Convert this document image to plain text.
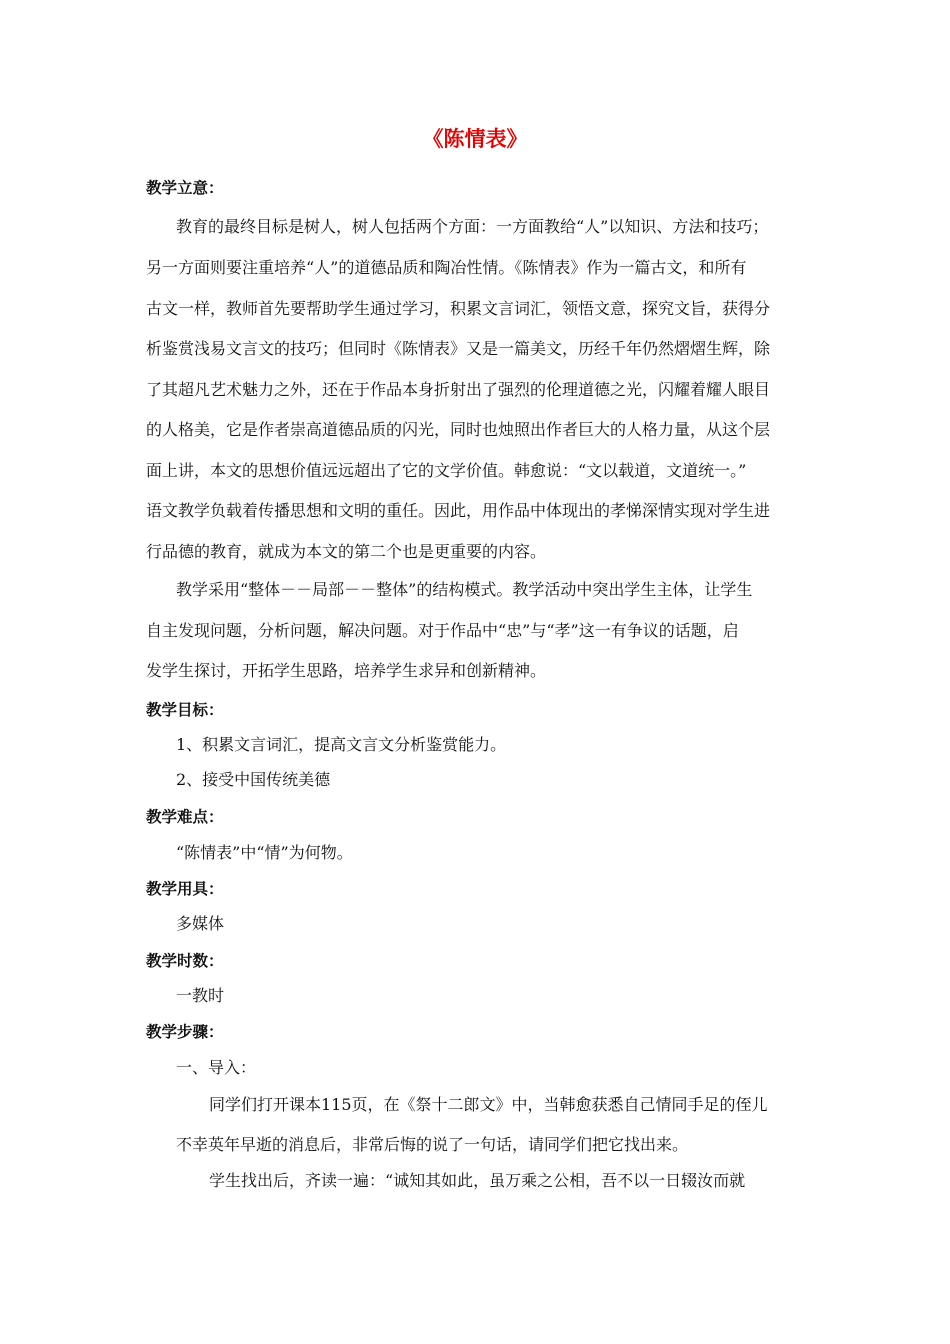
《陈情表》
教学立意：
教育的最终目标是树人，树人包括两个方面：一方面教给“人”以知识、方法和技巧；
另一方面则要注重培养“人”的道德品质和陶冶性情。《陈情表》作为一篇古文，和所有
古文一样，教师首先要帮助学生通过学习，积累文言词汇，领悟文意，探究文旨，获得分
析鉴赏浅易文言文的技巧；但同时《陈情表》又是一篇美文，历经千年仍然熠熠生辉，除
了其超凡艺术魅力之外，还在于作品本身折射出了强烈的伦理道德之光，闪耀着耀人眼目
的人格美，它是作者崇高道德品质的闪光，同时也烛照出作者巨大的人格力量，从这个层
面上讲，本文的思想价值远远超出了它的文学价值。韩愈说：“文以载道，文道统一。”
语文教学负载着传播思想和文明的重任。因此，用作品中体现出的孝悌深情实现对学生进
行品德的教育，就成为本文的第二个也是更重要的内容。
教学采用“整体－－局部－－整体”的结构模式。教学活动中突出学生主体，让学生
自主发现问题，分析问题，解决问题。对于作品中“忠”与“孝”这一有争议的话题，启
发学生探讨，开拓学生思路，培养学生求异和创新精神。
教学目标：
1、积累文言词汇，提高文言文分析鉴赏能力。
2、接受中国传统美德
教学难点：
“陈情表”中“情”为何物。
教学用具：
多媒体
教学时数：
一教时
教学步骤：
一、导入：
同学们打开课本115页，在《祭十二郎文》中，当韩愈获悉自己情同手足的侄儿
不幸英年早逝的消息后，非常后悔的说了一句话，请同学们把它找出来。
学生找出后，齐读一遍：“诚知其如此，虽万乘之公相，吾不以一日辍汝而就
